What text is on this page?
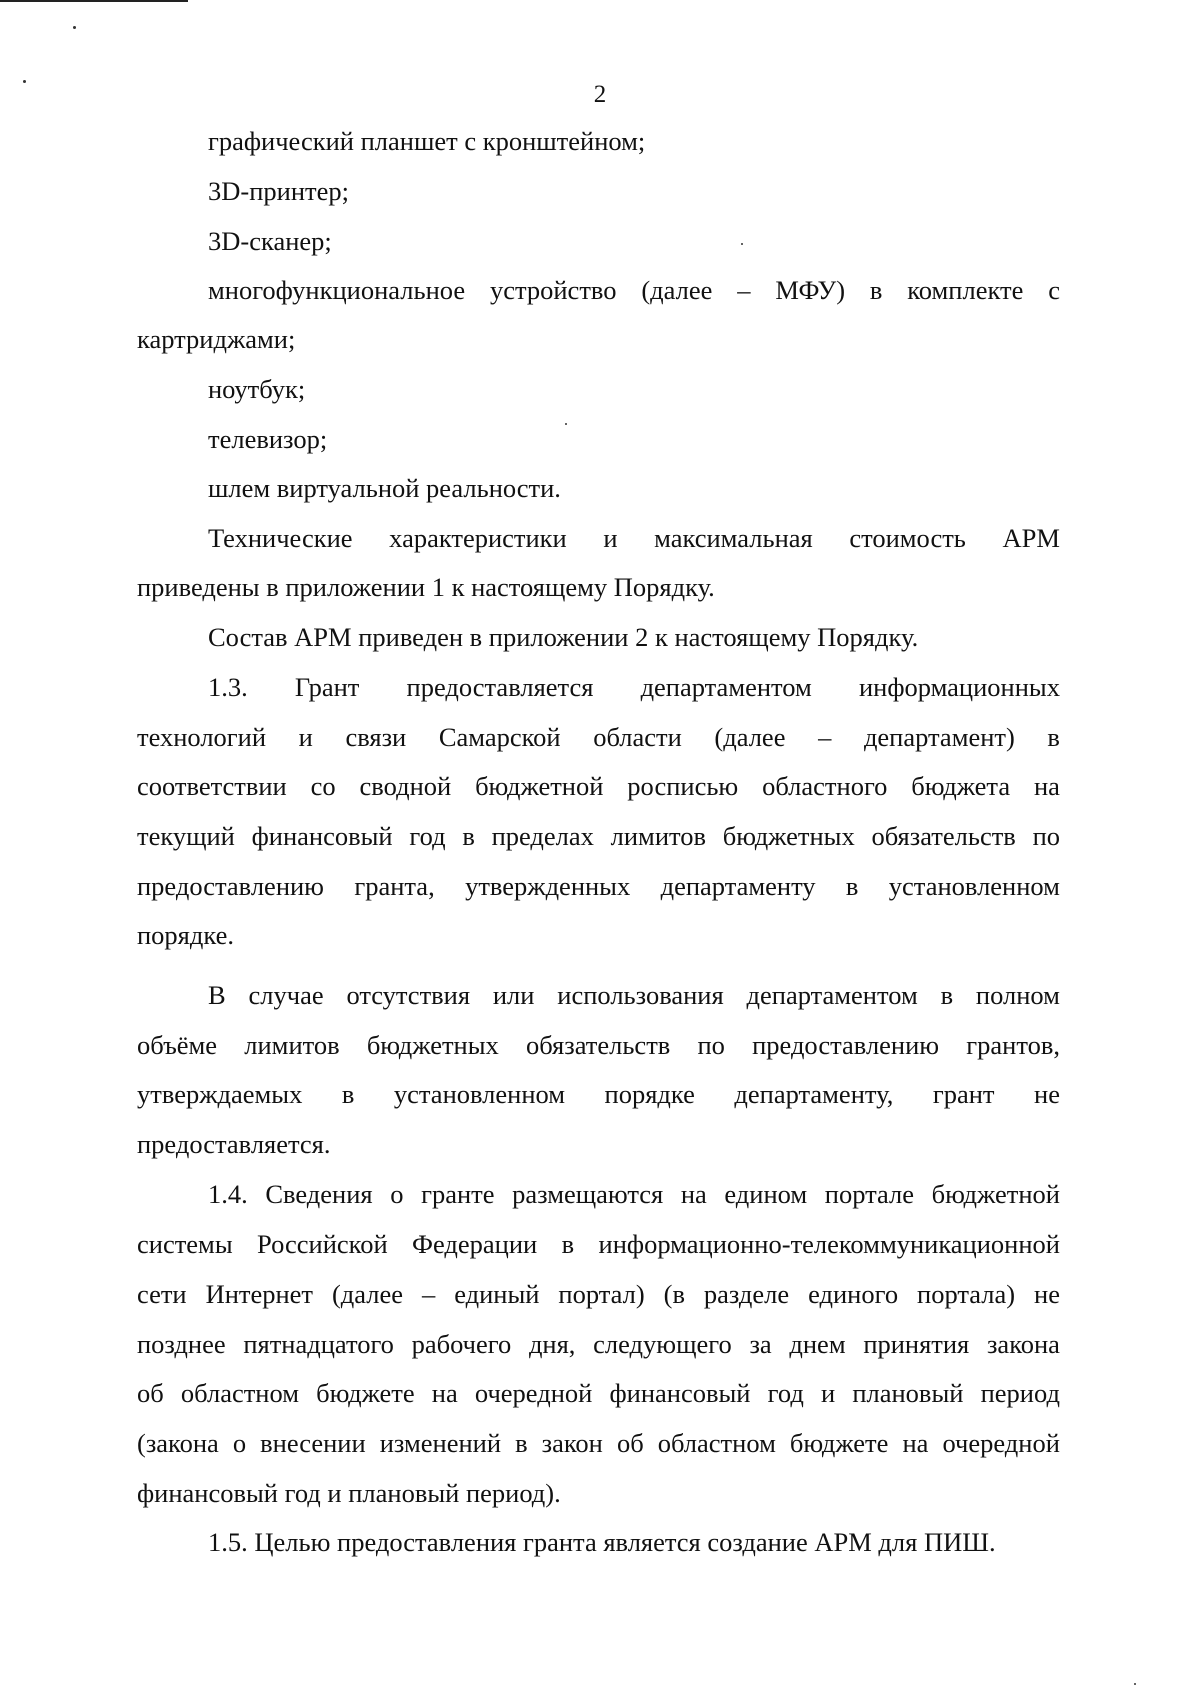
2
графический планшет с кронштейном;
3D-принтер;
3D-сканер;
многофункциональное устройство (далее – МФУ) в комплекте с
картриджами;
ноутбук;
телевизор;
шлем виртуальной реальности.
Технические характеристики и максимальная стоимость АРМ
приведены в приложении 1 к настоящему Порядку.
Состав АРМ приведен в приложении 2 к настоящему Порядку.
1.3. Грант предоставляется департаментом информационных
технологий и связи Самарской области (далее – департамент) в
соответствии со сводной бюджетной росписью областного бюджета на
текущий финансовый год в пределах лимитов бюджетных обязательств по
предоставлению гранта, утвержденных департаменту в установленном
порядке.
В случае отсутствия или использования департаментом в полном
объёме лимитов бюджетных обязательств по предоставлению грантов,
утверждаемых в установленном порядке департаменту, грант не
предоставляется.
1.4. Сведения о гранте размещаются на едином портале бюджетной
системы Российской Федерации в информационно-телекоммуникационной
сети Интернет (далее – единый портал) (в разделе единого портала) не
позднее пятнадцатого рабочего дня, следующего за днем принятия закона
об областном бюджете на очередной финансовый год и плановый период
(закона о внесении изменений в закон об областном бюджете на очередной
финансовый год и плановый период).
1.5. Целью предоставления гранта является создание АРМ для ПИШ.
